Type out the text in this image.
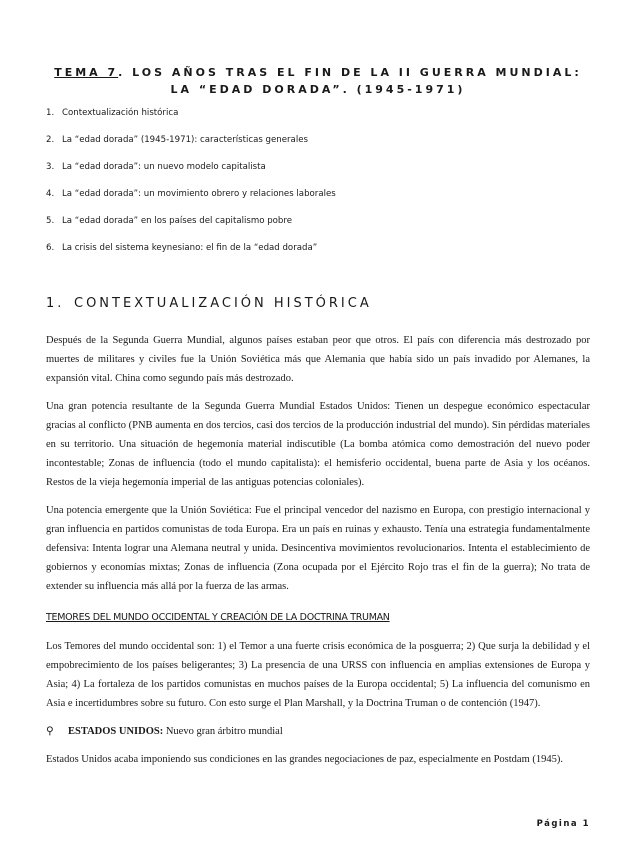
TEMA 7. LOS AÑOS TRAS EL FIN DE LA II GUERRA MUNDIAL:
LA “EDAD DORADA”. (1945-1971)
1. Contextualización histórica
2. La “edad dorada” (1945-1971): características generales
3. La “edad dorada”: un nuevo modelo capitalista
4. La “edad dorada”: un movimiento obrero y relaciones laborales
5. La “edad dorada” en los países del capitalismo pobre
6. La crisis del sistema keynesiano: el fin de la “edad dorada”
1. CONTEXTUALIZACIÓN HISTÓRICA
Después de la Segunda Guerra Mundial, algunos países estaban peor que otros. El país con diferencia más destrozado por muertes de militares y civiles fue la Unión Soviética más que Alemania que había sido un país invadido por Alemanes, la expansión vital. China como segundo país más destrozado.
Una gran potencia resultante de la Segunda Guerra Mundial Estados Unidos: Tienen un despegue económico espectacular gracias al conflicto (PNB aumenta en dos tercios, casi dos tercios de la producción industrial del mundo). Sin pérdidas materiales en su territorio. Una situación de hegemonía material indiscutible (La bomba atómica como demostración del nuevo poder incontestable; Zonas de influencia (todo el mundo capitalista): el hemisferio occidental, buena parte de Asia y los océanos. Restos de la vieja hegemonía imperial de las antiguas potencias coloniales).
Una potencia emergente que la Unión Soviética: Fue el principal vencedor del nazismo en Europa, con prestigio internacional y gran influencia en partidos comunistas de toda Europa. Era un país en ruinas y exhausto. Tenía una estrategia fundamentalmente defensiva: Intenta lograr una Alemana neutral y unida. Desincentiva movimientos revolucionarios. Intenta el establecimiento de gobiernos y economías mixtas; Zonas de influencia (Zona ocupada por el Ejército Rojo tras el fin de la guerra); No trata de extender su influencia más allá por la fuerza de las armas.
TEMORES DEL MUNDO OCCIDENTAL Y CREACIÓN DE LA DOCTRINA TRUMAN
Los Temores del mundo occidental son: 1) el Temor a una fuerte crisis económica de la posguerra; 2) Que surja la debilidad y el empobrecimiento de los países beligerantes; 3) La presencia de una URSS con influencia en amplias extensiones de Europa y Asia; 4) La fortaleza de los partidos comunistas en muchos países de la Europa occidental; 5) La influencia del comunismo en Asia e incertidumbres sobre su futuro. Con esto surge el Plan Marshall, y la Doctrina Truman o de contención (1947).
⚲ ESTADOS UNIDOS: Nuevo gran árbitro mundial
Estados Unidos acaba imponiendo sus condiciones en las grandes negociaciones de paz, especialmente en Postdam (1945).
Página 1
